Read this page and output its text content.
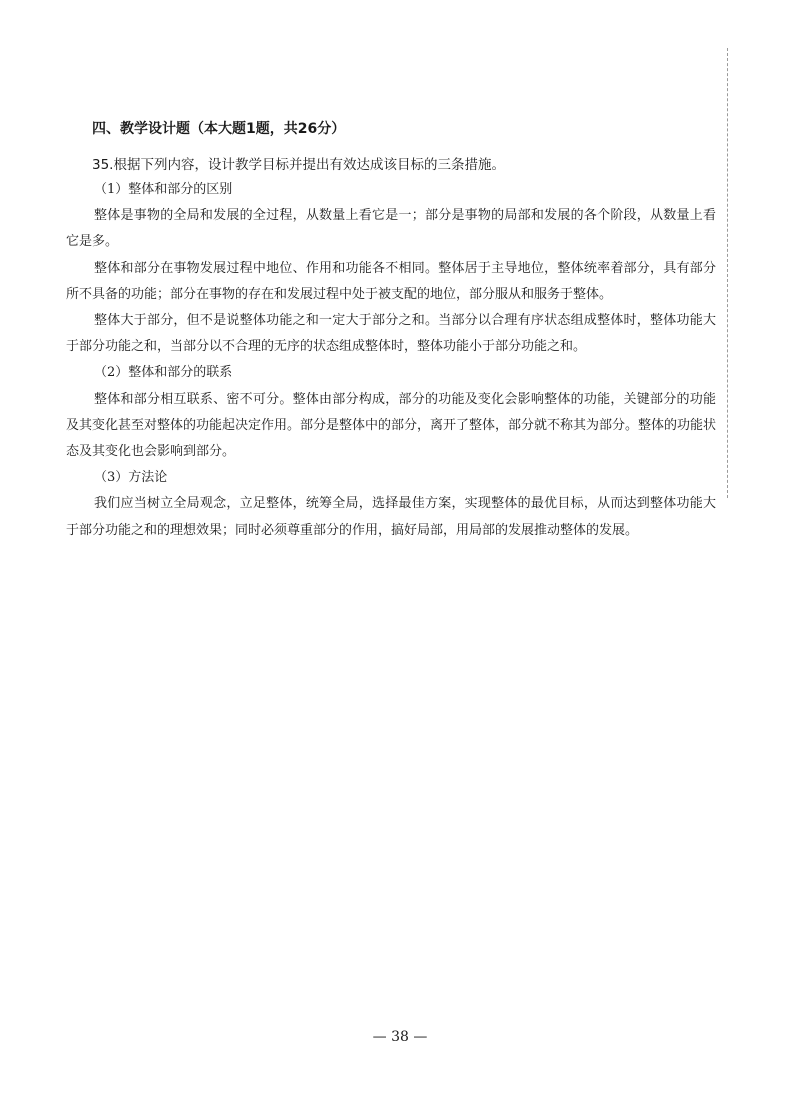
四、教学设计题（本大题1题，共26分）

35.根据下列内容，设计教学目标并提出有效达成该目标的三条措施。

（1）整体和部分的区别

整体是事物的全局和发展的全过程，从数量上看它是一；部分是事物的局部和发展的各个阶段，从数量上看它是多。

整体和部分在事物发展过程中地位、作用和功能各不相同。整体居于主导地位，整体统率着部分，具有部分所不具备的功能；部分在事物的存在和发展过程中处于被支配的地位，部分服从和服务于整体。

整体大于部分，但不是说整体功能之和一定大于部分之和。当部分以合理有序状态组成整体时，整体功能大于部分功能之和，当部分以不合理的无序的状态组成整体时，整体功能小于部分功能之和。

（2）整体和部分的联系

整体和部分相互联系、密不可分。整体由部分构成，部分的功能及变化会影响整体的功能，关键部分的功能及其变化甚至对整体的功能起决定作用。部分是整体中的部分，离开了整体，部分就不称其为部分。整体的功能状态及其变化也会影响到部分。

（3）方法论

我们应当树立全局观念，立足整体，统筹全局，选择最佳方案，实现整体的最优目标，从而达到整体功能大于部分功能之和的理想效果；同时必须尊重部分的作用，搞好局部，用局部的发展推动整体的发展。

— 38 —
